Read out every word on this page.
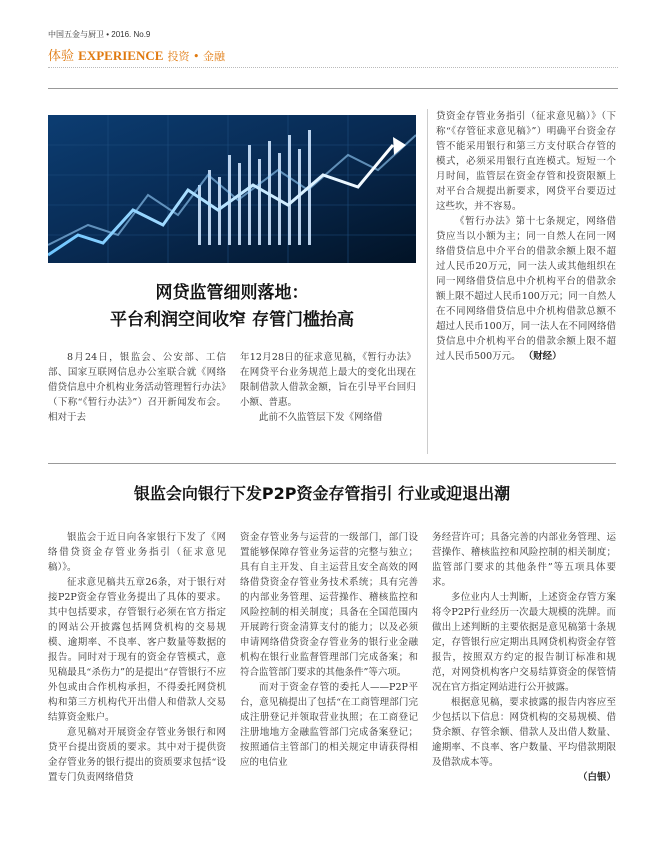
中国五金与厨卫 • 2016. No.9
体验 EXPERIENCE 投资 • 金融
网贷监管细则落地：
平台利润空间收窄 存管门槛抬高

8月24日，银监会、公安部、工信部、国家互联网信息办公室联合就《网络借贷信息中介机构业务活动管理暂行办法》（下称“《暂行办法》”）召开新闻发布会。相对于去

年12月28日的征求意见稿，《暂行办法》在网贷平台业务规范上最大的变化出现在限制借款人借款金额，旨在引导平台回归小额、普惠。

此前不久监管层下发《网络借

贷资金存管业务指引（征求意见稿）》（下称“《存管征求意见稿》”）明确平台资金存管不能采用银行和第三方支付联合存管的模式，必须采用银行直连模式。短短一个月时间，监管层在资金存管和投资限额上对平台合规提出新要求，网贷平台要迈过这些坎，并不容易。

《暂行办法》第十七条规定，网络借贷应当以小额为主；同一自然人在同一网络借贷信息中介平台的借款余额上限不超过人民币20万元，同一法人或其他组织在同一网络借贷信息中介机构平台的借款余额上限不超过人民币100万元；同一自然人在不同网络借贷信息中介机构借款总额不超过人民币100万，同一法人在不同网络借贷信息中介机构平台的借款余额上限不超过人民币500万元。 （财经）

银监会向银行下发P2P资金存管指引 行业或迎退出潮

银监会于近日向各家银行下发了《网络借贷资金存管业务指引（征求意见稿）》。

征求意见稿共五章26条，对于银行对接P2P资金存管业务提出了具体的要求。其中包括要求，存管银行必须在官方指定的网站公开披露包括网贷机构的交易规模、逾期率、不良率、客户数量等数据的报告。同时对于现有的资金存管模式，意见稿最具“杀伤力”的是提出“存管银行不应外包或由合作机构承担，不得委托网贷机构和第三方机构代开出借人和借款人交易结算资金账户。

意见稿对开展资金存管业务银行和网贷平台提出资质的要求。其中对于提供资金存管业务的银行提出的资质要求包括“设置专门负责网络借贷

资金存管业务与运营的一级部门，部门设置能够保障存管业务运营的完整与独立；具有自主开发、自主运营且安全高效的网络借贷资金存管业务技术系统；具有完善的内部业务管理、运营操作、稽核监控和风险控制的相关制度；具备在全国范围内开展跨行资金清算支付的能力；以及必须申请网络借贷资金存管业务的银行业金融机构在银行业监督管理部门完成备案；和符合监管部门要求的其他条件”等六项。

而对于资金存管的委托人——P2P平台，意见稿提出了包括“在工商管理部门完成注册登记并领取营业执照；在工商登记注册地地方金融监管部门完成备案登记；按照通信主管部门的相关规定申请获得相应的电信业

务经营许可；具备完善的内部业务管理、运营操作、稽核监控和风险控制的相关制度；监管部门要求的其他条件”等五项具体要求。

多位业内人士判断，上述资金存管方案将令P2P行业经历一次最大规模的洗牌。而做出上述判断的主要依据是意见稿第十条规定，存管银行应定期出具网贷机构资金存管报告，按照双方约定的报告制订标准和规范，对网贷机构客户交易结算资金的保管情况在官方指定网站进行公开披露。

根据意见稿，要求披露的报告内容应至少包括以下信息：网贷机构的交易规模、借贷余额、存管余额、借款人及出借人数量、逾期率、不良率、客户数量、平均借款期限及借款成本等。

（白银）
